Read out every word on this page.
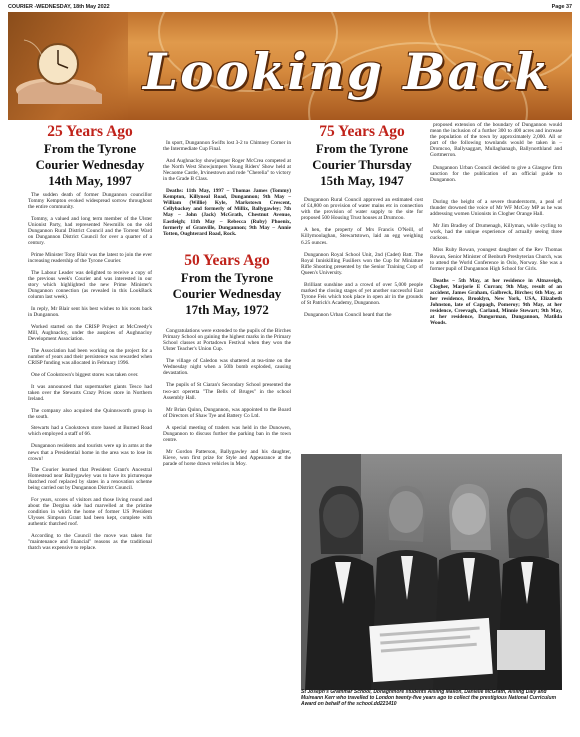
COURIER -WEDNESDAY, 18th May 2022	Page 37
Looking Back
25 Years Ago
From the Tyrone Courier Wednesday 14th May, 1997

The sudden death of former Dungannon councillor Tommy Kempton evoked widespread sorrow throughout the entire community.

Tommy, a valued and long term member of the Ulster Unionist Party, had represented Newmills on the old Dungannon Rural District Council and the Torrent Ward on Dungannon District Council for over a quarter of a century.

Prime Minister Tony Blair was the latest to join the ever increasing readership of the Tyrone Courier.

The Labour Leader was delighted to receive a copy of the previous week's Courier and was interested in our story which highlighted the new Prime Minister's Dungannon connection (as revealed in this LookBack column last week).

In reply, Mr Blair sent his best wishes to his roots back in Dungannon.

Worked started on the CRISP Project at McCreedy's Mill, Aughnacloy, under the auspices of Aughnacloy Development Association.

The Association had been working on the project for a number of years and their persistence was rewarded when CRISP funding was allocated in February 1996.

One of Cookstown's biggest stores was taken over.

It was announced that supermarket giants Tesco had taken over the Stewarts Crazy Prices store in Northern Ireland.

The company also acquired the Quinnsworth group in the south.

Stewarts had a Cookstown store based at Burned Road which employed a staff of 66.

Dungannon residents and tourists were up in arms at the news that a Presidential home in the area was to lose its crown!

The Courier learned that President Grant's Ancestral Homestead near Ballygawley was to have its picturesque thatched roof replaced by slates in a renovation scheme being carried out by Dungannon District Council.

For years, scores of visitors and those living round and about the Dergina side had marvelled at the pristine condition in which the home of former US President Ulysses Simpson Grant had been kept, complete with authentic thatched roof.

According to the Council the move was taken for "maintenance and financial" reasons as the traditional thatch was expensive to replace.

In sport, Dungannon Swifts lost 3-2 to Chimney Corner in the Intermediate Cup Final.

And Aughnacloy showjumper Roger McCrea competed at the North West Showjumpers Young Riders' Show held at Necaome Castle, Irvinestown and rode "Cherelia" to victory in the Grade B Class.

Deaths: 11th May, 1997 – Thomas James (Tommy) Kempton, Killyneal Road, Dungannon; 9th May – William (Willie) Kyle, Markstown Crescent, Cellybackey and formerly of Millix, Ballygawley; 7th May – John (Jack) McGrath, Chestnut Avenue, Eastleigh; 11th May – Rebecca (Ruby) Phoenix, formerly of Granville, Dungannon; 9th May – Annie Totten, Oughterard Road, Rock.

50 Years Ago
From the Tyrone Courier Wednesday 17th May, 1972

Congratulations were extended to the pupils of the Birches Primary School on gaining the highest marks in the Primary School classes at Portadown Festival when they won the Ulster Teacher's Union Cup.

The village of Caledon was shattered at tea-time on the Wednesday night when a 50lb bomb exploded, causing devastation.

The pupils of St Ciaran's Secondary School presented the two-act operetta "The Bells of Bruges" in the school Assembly Hall.

Mr Brian Quinn, Dungannon, was appointed to the Board of Directors of Shaw Tye and Battery Co Ltd.

A special meeting of traders was held in the Dunowen, Dungannon to discuss further the parking ban in the town centre.

Mr Gordon Patterson, Ballygawley and his daughter, Kieve, won first prize for Style and Appearance at the parade of horse drawn vehicles in Moy.

75 Years Ago
From the Tyrone Courier Thursday 15th May, 1947

Dungannon Rural Council approved an estimated cost of £4,800 on provision of water mains etc in connection with the provision of water supply to the site for proposed 500 Housing Trust houses at Drumcoo.

A hen, the property of Mrs Francis O'Neill, of Killymoolaghan, Stewartstown, laid an egg weighing 6.25 ounces.

Dungannon Royal School Unit, 2nd (Cadet) Batt. The Royal Inniskilling Fusiliers won the Cup for Miniature Rifle Shooting presented by the Senior Training Corp of Queen's University.

Brilliant sunshine and a crowd of over 5,000 people marked the closing stages of yet another successful East Tyrone Feis which took place in open air in the grounds of St Patrick's Academy, Dungannon.

Dungannon Urban Council heard that the

proposed extension of the boundary of Dungannon would mean the inclusion of a further 300 to 400 acres and increase the population of the town by approximately 2,000. All or part of the following townlands would be taken in – Dromcoo, Ballysaggart, Mullaghanagh, Ballynorthland and Gortmerron.

Dungannon Urban Council decided to give a Glasgow firm sanction for the publication of an official guide to Dungannon.

During the height of a severe thunderstorm, a peal of thunder drowned the voice of Mr WF McCoy MP as he was addressing women Unionists in Clogher Orange Hall.

Mr Jim Bradley of Drumenagh, Killyman, while cycling to work, had the unique experience of actually seeing three cuckoos.

Miss Ruby Rowan, youngest daughter of the Rev Thomas Rowan, Senior Minister of Benburb Presbyterian Church, was to attend the World Conference in Oslo, Norway. She was a former pupil of Dungannon High School for Girls.

Deaths – 5th May, at her residence in Altnaveigh, Clogher, Marjorie E Curran; 9th May, result of an accident, James Graham, Galbreck, Birches; 6th May, at her residence, Brooklyn, New York, USA, Elizabeth Johnston, late of Cappagh, Pomeroy; 9th May, at her residence, Creevagh, Carland, Minnie Stewart; 9th May, at her residence, Dungorman, Dungannon, Matilda Woods.

St Joseph's Grammar School, Donaghmore students Aisling Mallon, Danielle McGrath, Aisling Daly and Muireann Kerr who travelled to London twenty-five years ago to collect the prestigious National Curriculum Award on behalf of the school.dd221410
